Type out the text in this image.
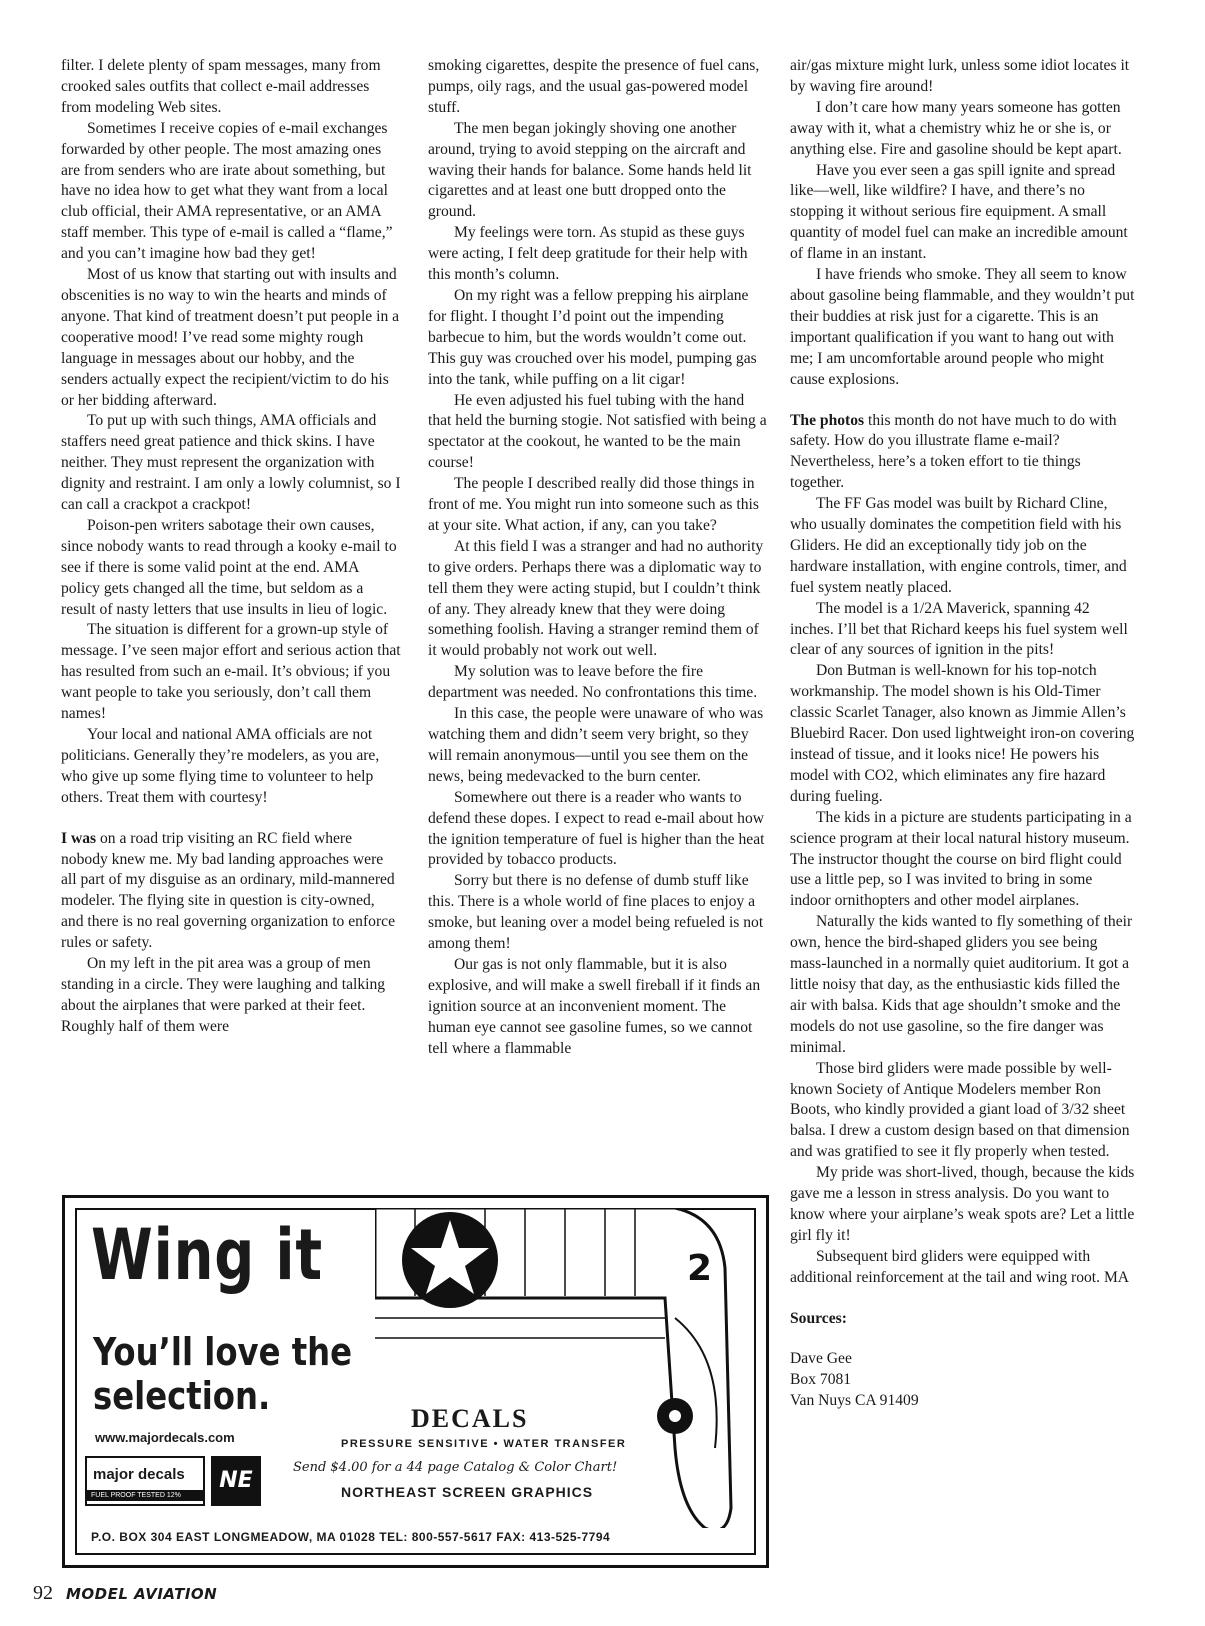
filter. I delete plenty of spam messages, many from crooked sales outfits that collect e-mail addresses from modeling Web sites.

Sometimes I receive copies of e-mail exchanges forwarded by other people. The most amazing ones are from senders who are irate about something, but have no idea how to get what they want from a local club official, their AMA representative, or an AMA staff member. This type of e-mail is called a “flame,” and you can’t imagine how bad they get!

Most of us know that starting out with insults and obscenities is no way to win the hearts and minds of anyone. That kind of treatment doesn’t put people in a cooperative mood! I’ve read some mighty rough language in messages about our hobby, and the senders actually expect the recipient/victim to do his or her bidding afterward.

To put up with such things, AMA officials and staffers need great patience and thick skins. I have neither. They must represent the organization with dignity and restraint. I am only a lowly columnist, so I can call a crackpot a crackpot!

Poison-pen writers sabotage their own causes, since nobody wants to read through a kooky e-mail to see if there is some valid point at the end. AMA policy gets changed all the time, but seldom as a result of nasty letters that use insults in lieu of logic.

The situation is different for a grown-up style of message. I’ve seen major effort and serious action that has resulted from such an e-mail. It’s obvious; if you want people to take you seriously, don’t call them names!

Your local and national AMA officials are not politicians. Generally they’re modelers, as you are, who give up some flying time to volunteer to help others. Treat them with courtesy!

I was on a road trip visiting an RC field where nobody knew me. My bad landing approaches were all part of my disguise as an ordinary, mild-mannered modeler. The flying site in question is city-owned, and there is no real governing organization to enforce rules or safety.

On my left in the pit area was a group of men standing in a circle. They were laughing and talking about the airplanes that were parked at their feet. Roughly half of them were

smoking cigarettes, despite the presence of fuel cans, pumps, oily rags, and the usual gas-powered model stuff.

The men began jokingly shoving one another around, trying to avoid stepping on the aircraft and waving their hands for balance. Some hands held lit cigarettes and at least one butt dropped onto the ground.

My feelings were torn. As stupid as these guys were acting, I felt deep gratitude for their help with this month’s column.

On my right was a fellow prepping his airplane for flight. I thought I’d point out the impending barbecue to him, but the words wouldn’t come out. This guy was crouched over his model, pumping gas into the tank, while puffing on a lit cigar!

He even adjusted his fuel tubing with the hand that held the burning stogie. Not satisfied with being a spectator at the cookout, he wanted to be the main course!

The people I described really did those things in front of me. You might run into someone such as this at your site. What action, if any, can you take?

At this field I was a stranger and had no authority to give orders. Perhaps there was a diplomatic way to tell them they were acting stupid, but I couldn’t think of any. They already knew that they were doing something foolish. Having a stranger remind them of it would probably not work out well.

My solution was to leave before the fire department was needed. No confrontations this time.

In this case, the people were unaware of who was watching them and didn’t seem very bright, so they will remain anonymous—until you see them on the news, being medevacked to the burn center.

Somewhere out there is a reader who wants to defend these dopes. I expect to read e-mail about how the ignition temperature of fuel is higher than the heat provided by tobacco products.

Sorry but there is no defense of dumb stuff like this. There is a whole world of fine places to enjoy a smoke, but leaning over a model being refueled is not among them!

Our gas is not only flammable, but it is also explosive, and will make a swell fireball if it finds an ignition source at an inconvenient moment. The human eye cannot see gasoline fumes, so we cannot tell where a flammable

air/gas mixture might lurk, unless some idiot locates it by waving fire around!

I don’t care how many years someone has gotten away with it, what a chemistry whiz he or she is, or anything else. Fire and gasoline should be kept apart.

Have you ever seen a gas spill ignite and spread like—well, like wildfire? I have, and there’s no stopping it without serious fire equipment. A small quantity of model fuel can make an incredible amount of flame in an instant.

I have friends who smoke. They all seem to know about gasoline being flammable, and they wouldn’t put their buddies at risk just for a cigarette. This is an important qualification if you want to hang out with me; I am uncomfortable around people who might cause explosions.

The photos this month do not have much to do with safety. How do you illustrate flame e-mail? Nevertheless, here’s a token effort to tie things together.

The FF Gas model was built by Richard Cline, who usually dominates the competition field with his Gliders. He did an exceptionally tidy job on the hardware installation, with engine controls, timer, and fuel system neatly placed.

The model is a 1/2A Maverick, spanning 42 inches. I’ll bet that Richard keeps his fuel system well clear of any sources of ignition in the pits!

Don Butman is well-known for his top-notch workmanship. The model shown is his Old-Timer classic Scarlet Tanager, also known as Jimmie Allen’s Bluebird Racer. Don used lightweight iron-on covering instead of tissue, and it looks nice! He powers his model with CO2, which eliminates any fire hazard during fueling.

The kids in a picture are students participating in a science program at their local natural history museum. The instructor thought the course on bird flight could use a little pep, so I was invited to bring in some indoor ornithopters and other model airplanes.

Naturally the kids wanted to fly something of their own, hence the bird-shaped gliders you see being mass-launched in a normally quiet auditorium. It got a little noisy that day, as the enthusiastic kids filled the air with balsa. Kids that age shouldn’t smoke and the models do not use gasoline, so the fire danger was minimal.

Those bird gliders were made possible by well-known Society of Antique Modelers member Ron Boots, who kindly provided a giant load of 3/32 sheet balsa. I drew a custom design based on that dimension and was gratified to see it fly properly when tested.

My pride was short-lived, though, because the kids gave me a lesson in stress analysis. Do you want to know where your airplane’s weak spots are? Let a little girl fly it!

Subsequent bird gliders were equipped with additional reinforcement at the tail and wing root. MA

Sources:

Dave Gee

Box 7081

Van Nuys CA 91409

2
Wing it
You’ll love the
selection.
www.majordecals.com
major decals
FUEL PROOF TESTED 12%
NE
DECALS
PRESSURE SENSITIVE • WATER TRANSFER
Send $4.00 for a 44 page Catalog & Color Chart!
NORTHEAST SCREEN GRAPHICS
P.O. BOX 304 EAST LONGMEADOW, MA 01028 TEL: 800-557-5617 FAX: 413-525-7794
92 MODEL AVIATION
